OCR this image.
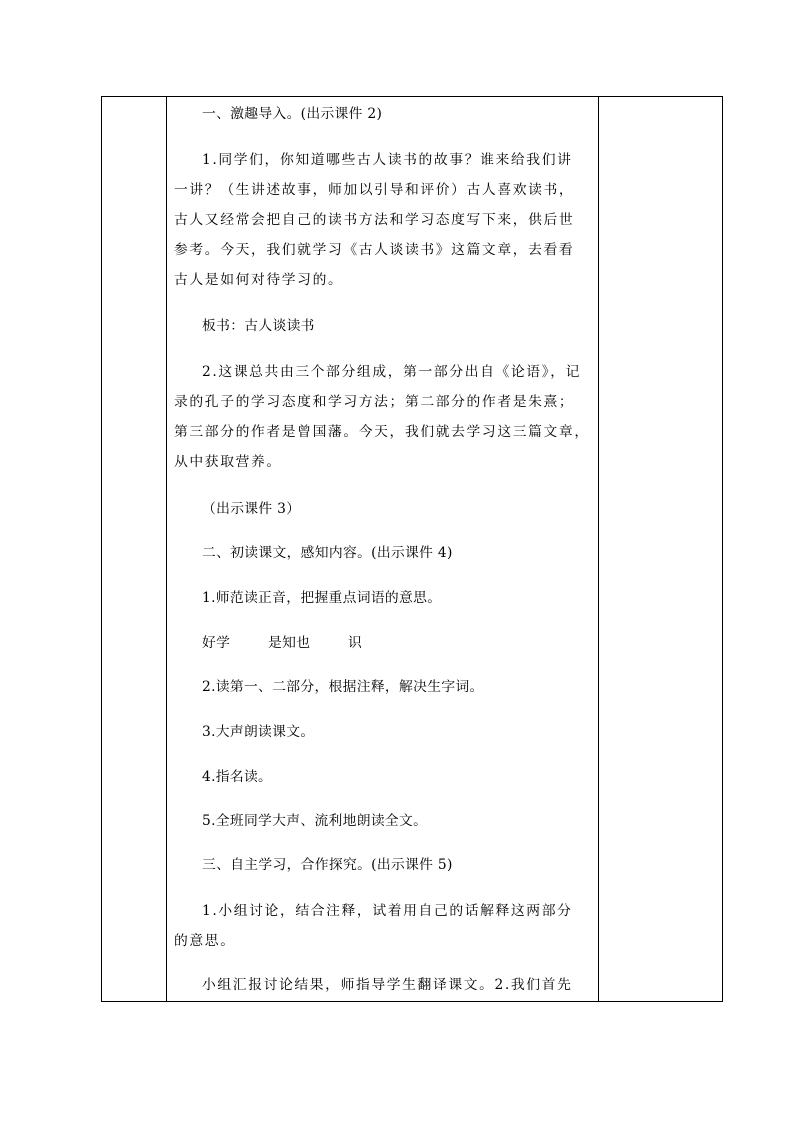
一、激趣导入。(出示课件 2)
1.同学们，你知道哪些古人读书的故事？谁来给我们讲
一讲？（生讲述故事，师加以引导和评价）古人喜欢读书，
古人又经常会把自己的读书方法和学习态度写下来，供后世
参考。今天，我们就学习《古人谈读书》这篇文章，去看看
古人是如何对待学习的。
板书：古人谈读书
2.这课总共由三个部分组成，第一部分出自《论语》，记
录的孔子的学习态度和学习方法；第二部分的作者是朱熹；
第三部分的作者是曾国藩。今天，我们就去学习这三篇文章，
从中获取营养。
（出示课件 3）
二、初读课文，感知内容。(出示课件 4)
1.师范读正音，把握重点词语的意思。
好学	是知也	识
2.读第一、二部分，根据注释，解决生字词。
3.大声朗读课文。
4.指名读。
5.全班同学大声、流利地朗读全文。
三、自主学习，合作探究。(出示课件 5)
1.小组讨论，结合注释，试着用自己的话解释这两部分
的意思。
小组汇报讨论结果，师指导学生翻译课文。2.我们首先
